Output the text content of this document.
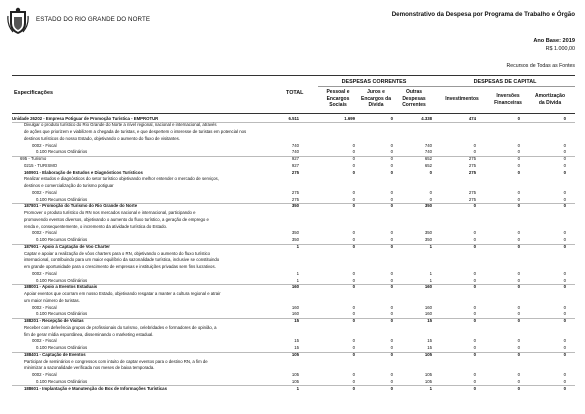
ESTADO DO RIO GRANDE DO NORTE
Demonstrativo da Despesa por Programa de Trabalho e Órgão
Ano Base: 2019
R$ 1.000,00
Recursos de Todas as Fontes
DESPESAS CORRENTES	DESPESAS DE CAPITAL
Especificações	TOTAL	Pessoal e
Encargos
Sociais
Juros e
Encargos da
Dívida
Outras
Despesas
Correntes
Investimentos	Inversões
Financeiras
Amortização
da Dívida
Unidade 26202 - Empresa Potiguar de Promoção Turística - EMPROTUR	6.511	1.699	0	4.338	474	0	0
Divulgar o produto turístico do Rio Grande do Norte a nível regional, nacional e internacional, através
de ações que priorizem e viabilizem a chegada de turistas, e que despertem o interesse de turistas em potencial nos
destinos turísticos do nosso Estado, objetivando o aumento do fluxo de visitantes.
0002 - Fiscal	740	0	0	740	0	0	0
0.100 Recursos Ordinários	740	0	0	740	0	0	0
695 - Turismo	927	0	0	652	275	0	0
0215 - TURISMO	927	0	0	652	275	0	0
160901 - Elaboração de Estudos e Diagnósticos Turísticos	275	0	0	0	275	0	0
Realizar estudos e diagnósticos do setor turístico objetivando melhor entender o mercado de serviços,
destinos e comercialização do turismo potiguar
0002 - Fiscal	275	0	0	0	275	0	0
0.100 Recursos Ordinários	275	0	0	0	275	0	0
187801 - Promoção do Turismo do Rio Grande do Norte	350	0	0	350	0	0	0
Promover o produto turístico do RN nos mercados nacional e internacional, participando e
promovendo eventos diversos, objetivando o aumento do fluxo turístico, a geração de emprego e
renda e, consequentemente, o incremento da atividade turística do Estado.
0002 - Fiscal	350	0	0	350	0	0	0
0.100 Recursos Ordinários	350	0	0	350	0	0	0
187901 - Apoio à Captação de Voo Charter	1	0	0	1	0	0	0
Captar e apoiar a realização de vôos charters para o RN, objetivando o aumento do fluxo turístico
internacional, contribuindo para um maior equilíbrio da sazonalidade turística, inclusive se constituindo
em grande oportunidade para o crescimento de empresas e instituições privadas sem fins lucrativos.
0002 - Fiscal	1	0	0	1	0	0	0
0.100 Recursos Ordinários	1	0	0	1	0	0	0
188001 - Apoio a Eventos Estaduais	160	0	0	160	0	0	0
Apoiar eventos que ocorram em nosso Estado, objetivando resgatar a manter a cultura regional e atrair
um maior número de turistas.
0002 - Fiscal	160	0	0	160	0	0	0
0.100 Recursos Ordinários	160	0	0	160	0	0	0
188201 - Recepção de Visitas	15	0	0	15	0	0	0
Receber com deferência grupos de profissionais do turismo, celebridades e formadores de opinião, a
fim de gerar mídia espontânea, disseminando o marketing estadual.
0002 - Fiscal	15	0	0	15	0	0	0
0.100 Recursos Ordinários	15	0	0	15	0	0	0
188401 - Captação de Eventos	105	0	0	105	0	0	0
Participar de seminários e congressos com intuito de captar eventos para o destino RN, a fim de
minimizar a sazonalidade verificada nos meses de baixa temporada.
0002 - Fiscal	105	0	0	105	0	0	0
0.100 Recursos Ordinários	105	0	0	105	0	0	0
188601 - Implantação e Manutenção do Box de Informações Turísticas	1	0	0	1	0	0	0
